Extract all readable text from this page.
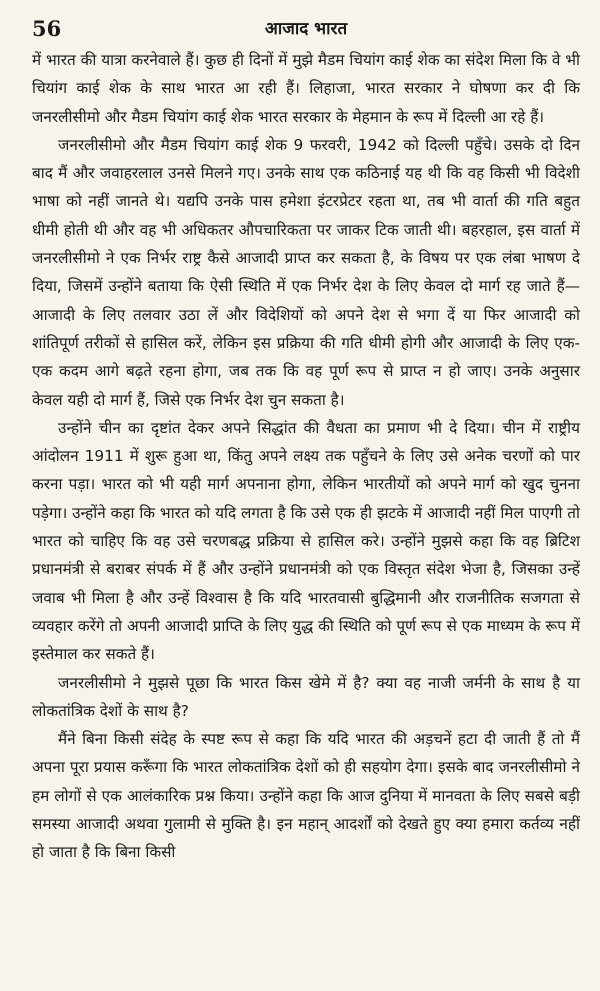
56	आजाद भारत

में भारत की यात्रा करनेवाले हैं। कुछ ही दिनों में मुझे मैडम चियांग काई शेक का संदेश मिला कि वे भी चियांग काई शेक के साथ भारत आ रही हैं। लिहाजा, भारत सरकार ने घोषणा कर दी कि जनरलीसीमो और मैडम चियांग काई शेक भारत सरकार के मेहमान के रूप में दिल्ली आ रहे हैं।

जनरलीसीमो और मैडम चियांग काई शेक 9 फरवरी, 1942 को दिल्ली पहुँचे। उसके दो दिन बाद मैं और जवाहरलाल उनसे मिलने गए। उनके साथ एक कठिनाई यह थी कि वह किसी भी विदेशी भाषा को नहीं जानते थे। यद्यपि उनके पास हमेशा इंटरप्रेटर रहता था, तब भी वार्ता की गति बहुत धीमी होती थी और वह भी अधिकतर औपचारिकता पर जाकर टिक जाती थी। बहरहाल, इस वार्ता में जनरलीसीमो ने एक निर्भर राष्ट्र कैसे आजादी प्राप्त कर सकता है, के विषय पर एक लंबा भाषण दे दिया, जिसमें उन्होंने बताया कि ऐसी स्थिति में एक निर्भर देश के लिए केवल दो मार्ग रह जाते हैं—आजादी के लिए तलवार उठा लें और विदेशियों को अपने देश से भगा दें या फिर आजादी को शांतिपूर्ण तरीकों से हासिल करें, लेकिन इस प्रक्रिया की गति धीमी होगी और आजादी के लिए एक-एक कदम आगे बढ़ते रहना होगा, जब तक कि वह पूर्ण रूप से प्राप्त न हो जाए। उनके अनुसार केवल यही दो मार्ग हैं, जिसे एक निर्भर देश चुन सकता है।

उन्होंने चीन का दृष्टांत देकर अपने सिद्धांत की वैधता का प्रमाण भी दे दिया। चीन में राष्ट्रीय आंदोलन 1911 में शुरू हुआ था, किंतु अपने लक्ष्य तक पहुँचने के लिए उसे अनेक चरणों को पार करना पड़ा। भारत को भी यही मार्ग अपनाना होगा, लेकिन भारतीयों को अपने मार्ग को खुद चुनना पड़ेगा। उन्होंने कहा कि भारत को यदि लगता है कि उसे एक ही झटके में आजादी नहीं मिल पाएगी तो भारत को चाहिए कि वह उसे चरणबद्ध प्रक्रिया से हासिल करे। उन्होंने मुझसे कहा कि वह ब्रिटिश प्रधानमंत्री से बराबर संपर्क में हैं और उन्होंने प्रधानमंत्री को एक विस्तृत संदेश भेजा है, जिसका उन्हें जवाब भी मिला है और उन्हें विश्वास है कि यदि भारतवासी बुद्धिमानी और राजनीतिक सजगता से व्यवहार करेंगे तो अपनी आजादी प्राप्ति के लिए युद्ध की स्थिति को पूर्ण रूप से एक माध्यम के रूप में इस्तेमाल कर सकते हैं।

जनरलीसीमो ने मुझसे पूछा कि भारत किस खेमे में है? क्या वह नाजी जर्मनी के साथ है या लोकतांत्रिक देशों के साथ है?

मैंने बिना किसी संदेह के स्पष्ट रूप से कहा कि यदि भारत की अड़चनें हटा दी जाती हैं तो मैं अपना पूरा प्रयास करूँगा कि भारत लोकतांत्रिक देशों को ही सहयोग देगा। इसके बाद जनरलीसीमो ने हम लोगों से एक आलंकारिक प्रश्न किया। उन्होंने कहा कि आज दुनिया में मानवता के लिए सबसे बड़ी समस्या आजादी अथवा गुलामी से मुक्ति है। इन महान् आदर्शों को देखते हुए क्या हमारा कर्तव्य नहीं हो जाता है कि बिना किसी
